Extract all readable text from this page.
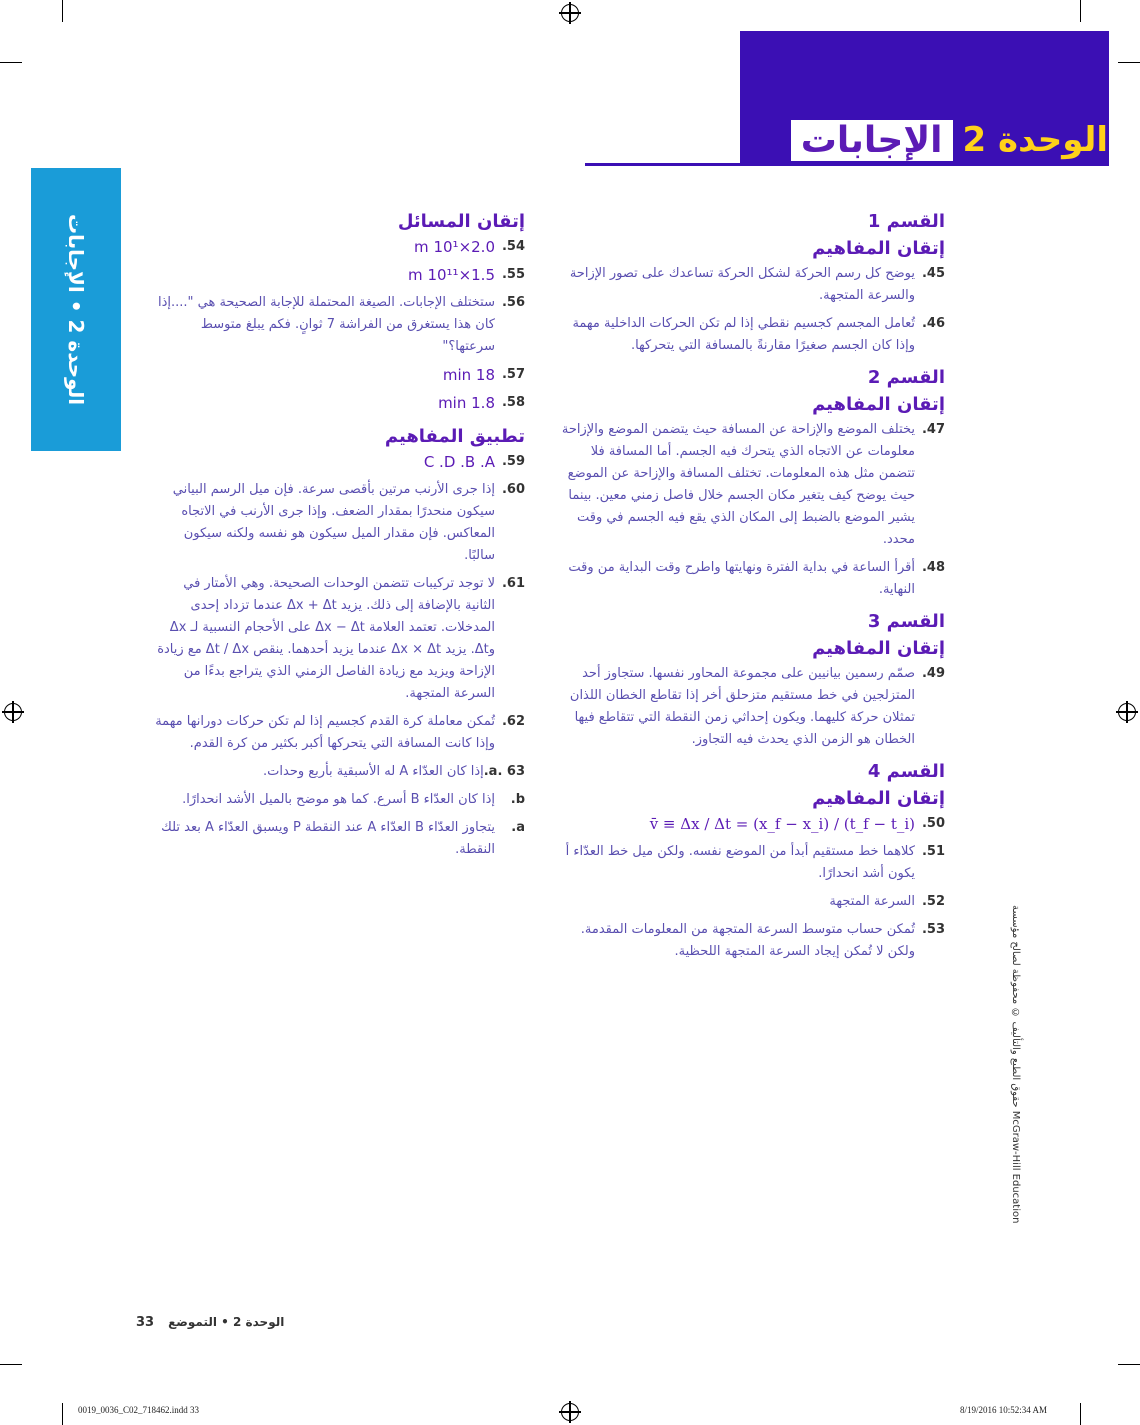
الوحدة 2
الإجابات
الوحدة 2 • الإجابات
حقوق الطبع والتأليف © محفوظة لصالح مؤسسة McGraw-Hill Education
القسم 1
إتقان المفاهيم
45.
يوضح كل رسم الحركة لشكل الحركة تساعدك على تصور الإزاحة والسرعة المتجهة.
46.
تُعامل المجسم كجسيم نقطي إذا لم تكن الحركات الداخلية مهمة وإذا كان الجسم صغيرًا مقارنةً بالمسافة التي يتحركها.
القسم 2
إتقان المفاهيم
47.
يختلف الموضع والإزاحة عن المسافة حيث يتضمن الموضع والإزاحة معلومات عن الاتجاه الذي يتحرك فيه الجسم. أما المسافة فلا تتضمن مثل هذه المعلومات. تختلف المسافة والإزاحة عن الموضع حيث يوضح كيف يتغير مكان الجسم خلال فاصل زمني معين. بينما يشير الموضع بالضبط إلى المكان الذي يقع فيه الجسم في وقت محدد.
48.
أقرأ الساعة في بداية الفترة ونهايتها واطرح وقت البداية من وقت النهاية.
القسم 3
إتقان المفاهيم
49.
صمّم رسمين بيانيين على مجموعة المحاور نفسها. ستجاوز أحد المتزلجين في خط مستقيم متزحلق أخر إذا تقاطع الخطان اللذان تمثلان حركة كليهما. ويكون إحداثي زمن النقطة التي تتقاطع فيها الخطان هو الزمن الذي يحدث فيه التجاوز.
القسم 4
إتقان المفاهيم
50.
v̄ ≡ Δx / Δt = (x_f − x_i) / (t_f − t_i)
51.
كلاهما خط مستقيم أبدأ من الموضع نفسه. ولكن ميل خط العدّاء أ يكون أشد انحدارًا.
52.
السرعة المتجهة
53.
تُمكن حساب متوسط السرعة المتجهة من المعلومات المقدمة. ولكن لا تُمكن إيجاد السرعة المتجهة اللحظية.
إتقان المسائل
54.
2.0×10¹ m
55.
1.5×10¹¹ m
56.
ستختلف الإجابات. الصيغة المحتملة للإجابة الصحيحة هي "....إذا كان هذا يستغرق من الفراشة 7 ثوانٍ. فكم يبلغ متوسط سرعتها؟"
57.
18 min
58.
1.8 min
تطبيق المفاهيم
59.
C .D .B .A
60.
إذا جرى الأرنب مرتين بأقصى سرعة. فإن ميل الرسم البياني سيكون منحدرًا بمقدار الضعف. وإذا جرى الأرنب في الاتجاه المعاكس. فإن مقدار الميل سيكون هو نفسه ولكنه سيكون سالبًا.
61.
لا توجد تركيبات تتضمن الوحدات الصحيحة. وهي الأمتار في الثانية بالإضافة إلى ذلك. يزيد Δx + Δt عندما تزداد إحدى المدخلات. تعتمد العلامة Δx − Δt على الأحجام النسبية لـ Δx وΔt. يزيد Δx × Δt عندما يزيد أحدهما. ينقص Δt / Δx مع زيادة الإزاحة ويزيد مع زيادة الفاصل الزمني الذي يتراجع بدءًا من السرعة المتجهة.
62.
تُمكن معاملة كرة القدم كجسيم إذا لم تكن حركات دورانها مهمة وإذا كانت المسافة التي يتحركها أكبر بكثير من كرة القدم.
a. 63.
إذا كان العدّاء A له الأسبقية بأربع وحدات.
b.
إذا كان العدّاء B أسرع. كما هو موضح بالميل الأشد انحدارًا.
a.
يتجاوز العدّاء B العدّاء A عند النقطة P ويسبق العدّاء A بعد تلك النقطة.
الوحدة 2 • التموضع
33
0019_0036_C02_718462.indd 33	8/19/2016 10:52:34 AM
